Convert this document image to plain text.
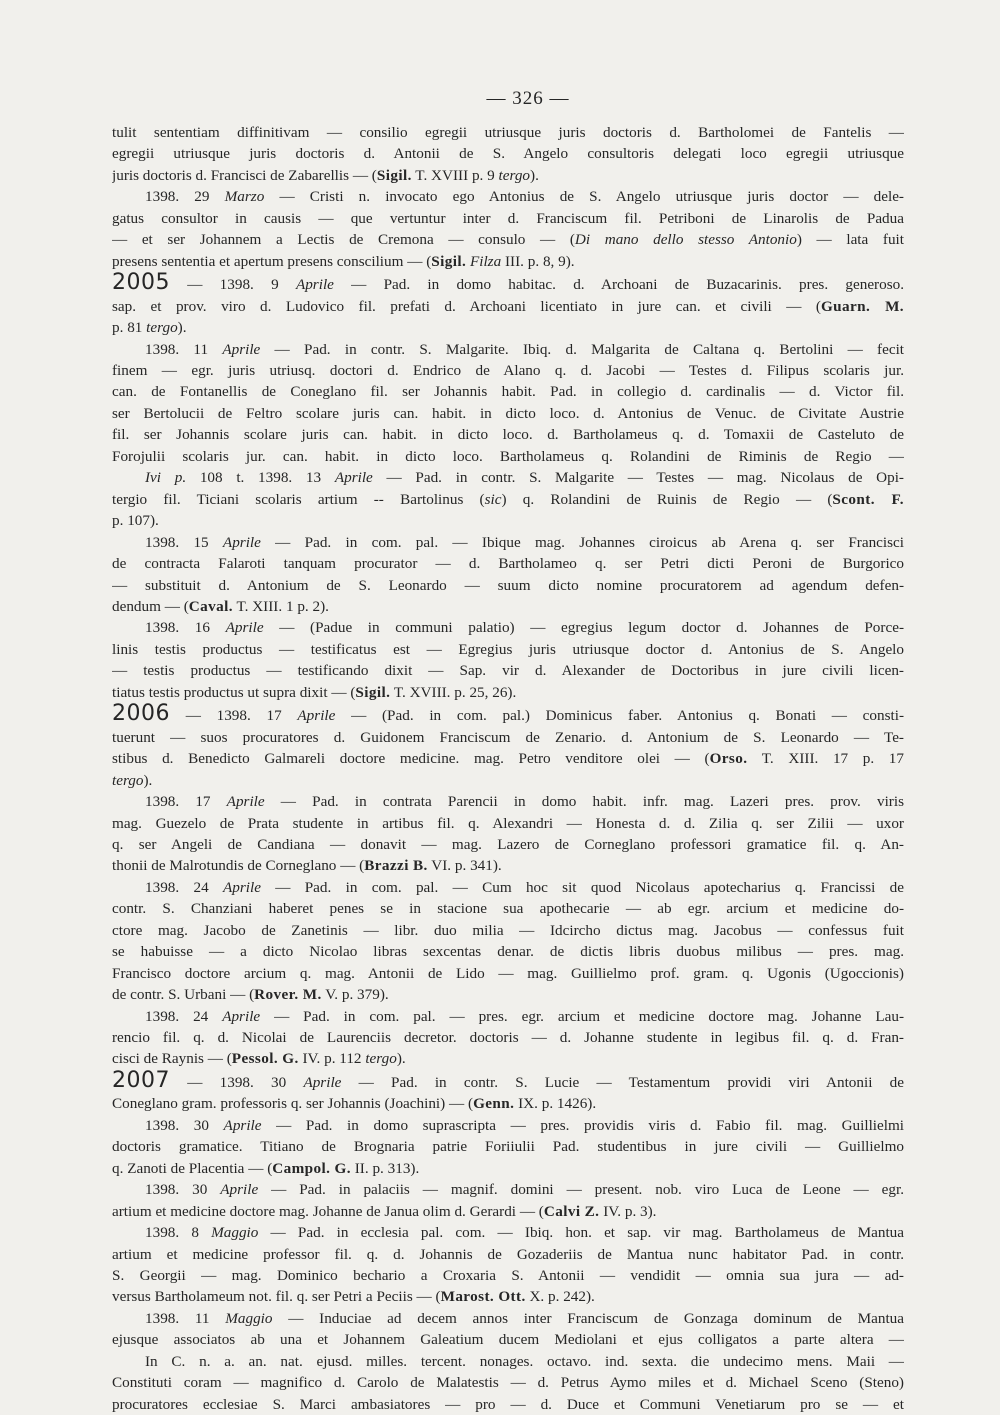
— 326 —
tulit sententiam diffinitivam — consilio egregii utriusque juris doctoris d. Bartholomei de Fantelis —
egregii utriusque juris doctoris d. Antonii de S. Angelo consultoris delegati loco egregii utriusque
juris doctoris d. Francisci de Zabarellis — (Sigil. T. XVIII p. 9 tergo).
1398. 29 Marzo — Cristi n. invocato ego Antonius de S. Angelo utriusque juris doctor — dele-
gatus consultor in causis — que vertuntur inter d. Franciscum fil. Petriboni de Linarolis de Padua
— et ser Johannem a Lectis de Cremona — consulo — (Di mano dello stesso Antonio) — lata fuit
presens sententia et apertum presens conscilium — (Sigil. Filza III. p. 8, 9).
2005 — 1398. 9 Aprile — Pad. in domo habitac. d. Archoani de Buzacarinis. pres. generoso.
sap. et prov. viro d. Ludovico fil. prefati d. Archoani licentiato in jure can. et civili — (Guarn. M.
p. 81 tergo).
1398. 11 Aprile — Pad. in contr. S. Malgarite. Ibiq. d. Malgarita de Caltana q. Bertolini — fecit
finem — egr. juris utriusq. doctori d. Endrico de Alano q. d. Jacobi — Testes d. Filipus scolaris jur.
can. de Fontanellis de Coneglano fil. ser Johannis habit. Pad. in collegio d. cardinalis — d. Victor fil.
ser Bertolucii de Feltro scolare juris can. habit. in dicto loco. d. Antonius de Venuc. de Civitate Austrie
fil. ser Johannis scolare juris can. habit. in dicto loco. d. Bartholameus q. d. Tomaxii de Casteluto de
Forojulii scolaris jur. can. habit. in dicto loco. Bartholameus q. Rolandini de Riminis de Regio —
Ivi p. 108 t. 1398. 13 Aprile — Pad. in contr. S. Malgarite — Testes — mag. Nicolaus de Opi-
tergio fil. Ticiani scolaris artium -- Bartolinus (sic) q. Rolandini de Ruinis de Regio — (Scont. F.
p. 107).
1398. 15 Aprile — Pad. in com. pal. — Ibique mag. Johannes ciroicus ab Arena q. ser Francisci
de contracta Falaroti tanquam procurator — d. Bartholameo q. ser Petri dicti Peroni de Burgorico
— substituit d. Antonium de S. Leonardo — suum dicto nomine procuratorem ad agendum defen-
dendum — (Caval. T. XIII. 1 p. 2).
1398. 16 Aprile — (Padue in communi palatio) — egregius legum doctor d. Johannes de Porce-
linis testis productus — testificatus est — Egregius juris utriusque doctor d. Antonius de S. Angelo
— testis productus — testificando dixit — Sap. vir d. Alexander de Doctoribus in jure civili licen-
tiatus testis productus ut supra dixit — (Sigil. T. XVIII. p. 25, 26).
2006 — 1398. 17 Aprile — (Pad. in com. pal.) Dominicus faber. Antonius q. Bonati — consti-
tuerunt — suos procuratores d. Guidonem Franciscum de Zenario. d. Antonium de S. Leonardo — Te-
stibus d. Benedicto Galmareli doctore medicine. mag. Petro venditore olei — (Orso. T. XIII. 17 p. 17
tergo).
1398. 17 Aprile — Pad. in contrata Parencii in domo habit. infr. mag. Lazeri pres. prov. viris
mag. Guezelo de Prata studente in artibus fil. q. Alexandri — Honesta d. d. Zilia q. ser Zilii — uxor
q. ser Angeli de Candiana — donavit — mag. Lazero de Corneglano professori gramatice fil. q. An-
thonii de Malrotundis de Corneglano — (Brazzi B. VI. p. 341).
1398. 24 Aprile — Pad. in com. pal. — Cum hoc sit quod Nicolaus apotecharius q. Francissi de
contr. S. Chanziani haberet penes se in stacione sua apothecarie — ab egr. arcium et medicine do-
ctore mag. Jacobo de Zanetinis — libr. duo milia — Idcircho dictus mag. Jacobus — confessus fuit
se habuisse — a dicto Nicolao libras sexcentas denar. de dictis libris duobus milibus — pres. mag.
Francisco doctore arcium q. mag. Antonii de Lido — mag. Guillielmo prof. gram. q. Ugonis (Ugoccionis)
de contr. S. Urbani — (Rover. M. V. p. 379).
1398. 24 Aprile — Pad. in com. pal. — pres. egr. arcium et medicine doctore mag. Johanne Lau-
rencio fil. q. d. Nicolai de Laurenciis decretor. doctoris — d. Johanne studente in legibus fil. q. d. Fran-
cisci de Raynis — (Pessol. G. IV. p. 112 tergo).
2007 — 1398. 30 Aprile — Pad. in contr. S. Lucie — Testamentum providi viri Antonii de
Coneglano gram. professoris q. ser Johannis (Joachini) — (Genn. IX. p. 1426).
1398. 30 Aprile — Pad. in domo suprascripta — pres. providis viris d. Fabio fil. mag. Guillielmi
doctoris gramatice. Titiano de Brognaria patrie Foriiulii Pad. studentibus in jure civili — Guillielmo
q. Zanoti de Placentia — (Campol. G. II. p. 313).
1398. 30 Aprile — Pad. in palaciis — magnif. domini — present. nob. viro Luca de Leone — egr.
artium et medicine doctore mag. Johanne de Janua olim d. Gerardi — (Calvi Z. IV. p. 3).
1398. 8 Maggio — Pad. in ecclesia pal. com. — Ibiq. hon. et sap. vir mag. Bartholameus de Mantua
artium et medicine professor fil. q. d. Johannis de Gozaderiis de Mantua nunc habitator Pad. in contr.
S. Georgii — mag. Dominico bechario a Croxaria S. Antonii — vendidit — omnia sua jura — ad-
versus Bartholameum not. fil. q. ser Petri a Peciis — (Marost. Ott. X. p. 242).
1398. 11 Maggio — Induciae ad decem annos inter Franciscum de Gonzaga dominum de Mantua
ejusque associatos ab una et Johannem Galeatium ducem Mediolani et ejus colligatos a parte altera —
In C. n. a. an. nat. ejusd. milles. tercent. nonages. octavo. ind. sexta. die undecimo mens. Maii —
Constituti coram — magnifico d. Carolo de Malatestis — d. Petrus Aymo miles et d. Michael Sceno (Steno)
procuratores ecclesiae S. Marci ambasiatores — pro — d. Duce et Communi Venetiarum pro se — et
